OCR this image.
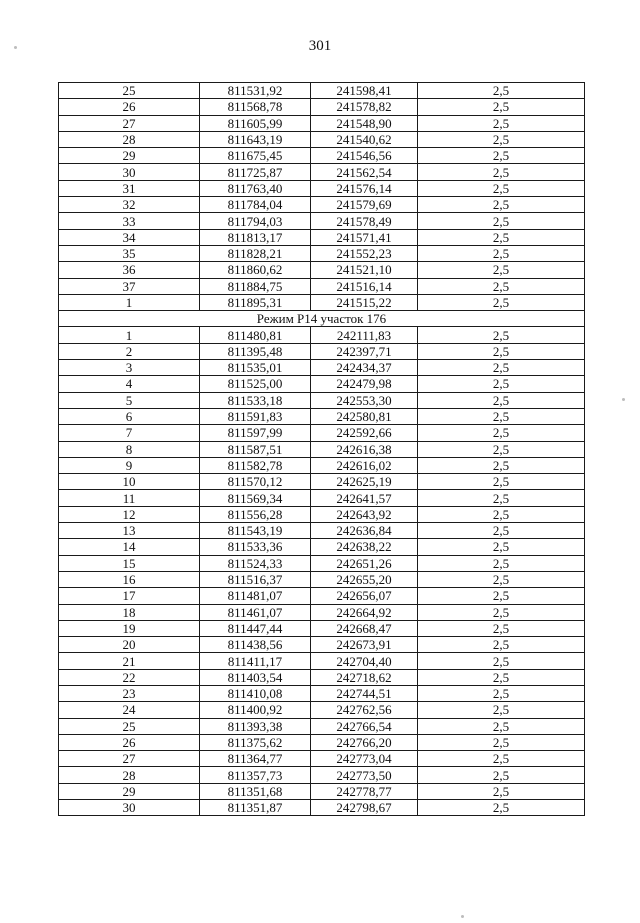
301
25	811531,92	241598,41	2,5
26	811568,78	241578,82	2,5
27	811605,99	241548,90	2,5
28	811643,19	241540,62	2,5
29	811675,45	241546,56	2,5
30	811725,87	241562,54	2,5
31	811763,40	241576,14	2,5
32	811784,04	241579,69	2,5
33	811794,03	241578,49	2,5
34	811813,17	241571,41	2,5
35	811828,21	241552,23	2,5
36	811860,62	241521,10	2,5
37	811884,75	241516,14	2,5
1	811895,31	241515,22	2,5
Режим Р14 участок 176			
1	811480,81	242111,83	2,5
2	811395,48	242397,71	2,5
3	811535,01	242434,37	2,5
4	811525,00	242479,98	2,5
5	811533,18	242553,30	2,5
6	811591,83	242580,81	2,5
7	811597,99	242592,66	2,5
8	811587,51	242616,38	2,5
9	811582,78	242616,02	2,5
10	811570,12	242625,19	2,5
11	811569,34	242641,57	2,5
12	811556,28	242643,92	2,5
13	811543,19	242636,84	2,5
14	811533,36	242638,22	2,5
15	811524,33	242651,26	2,5
16	811516,37	242655,20	2,5
17	811481,07	242656,07	2,5
18	811461,07	242664,92	2,5
19	811447,44	242668,47	2,5
20	811438,56	242673,91	2,5
21	811411,17	242704,40	2,5
22	811403,54	242718,62	2,5
23	811410,08	242744,51	2,5
24	811400,92	242762,56	2,5
25	811393,38	242766,54	2,5
26	811375,62	242766,20	2,5
27	811364,77	242773,04	2,5
28	811357,73	242773,50	2,5
29	811351,68	242778,77	2,5
30	811351,87	242798,67	2,5
